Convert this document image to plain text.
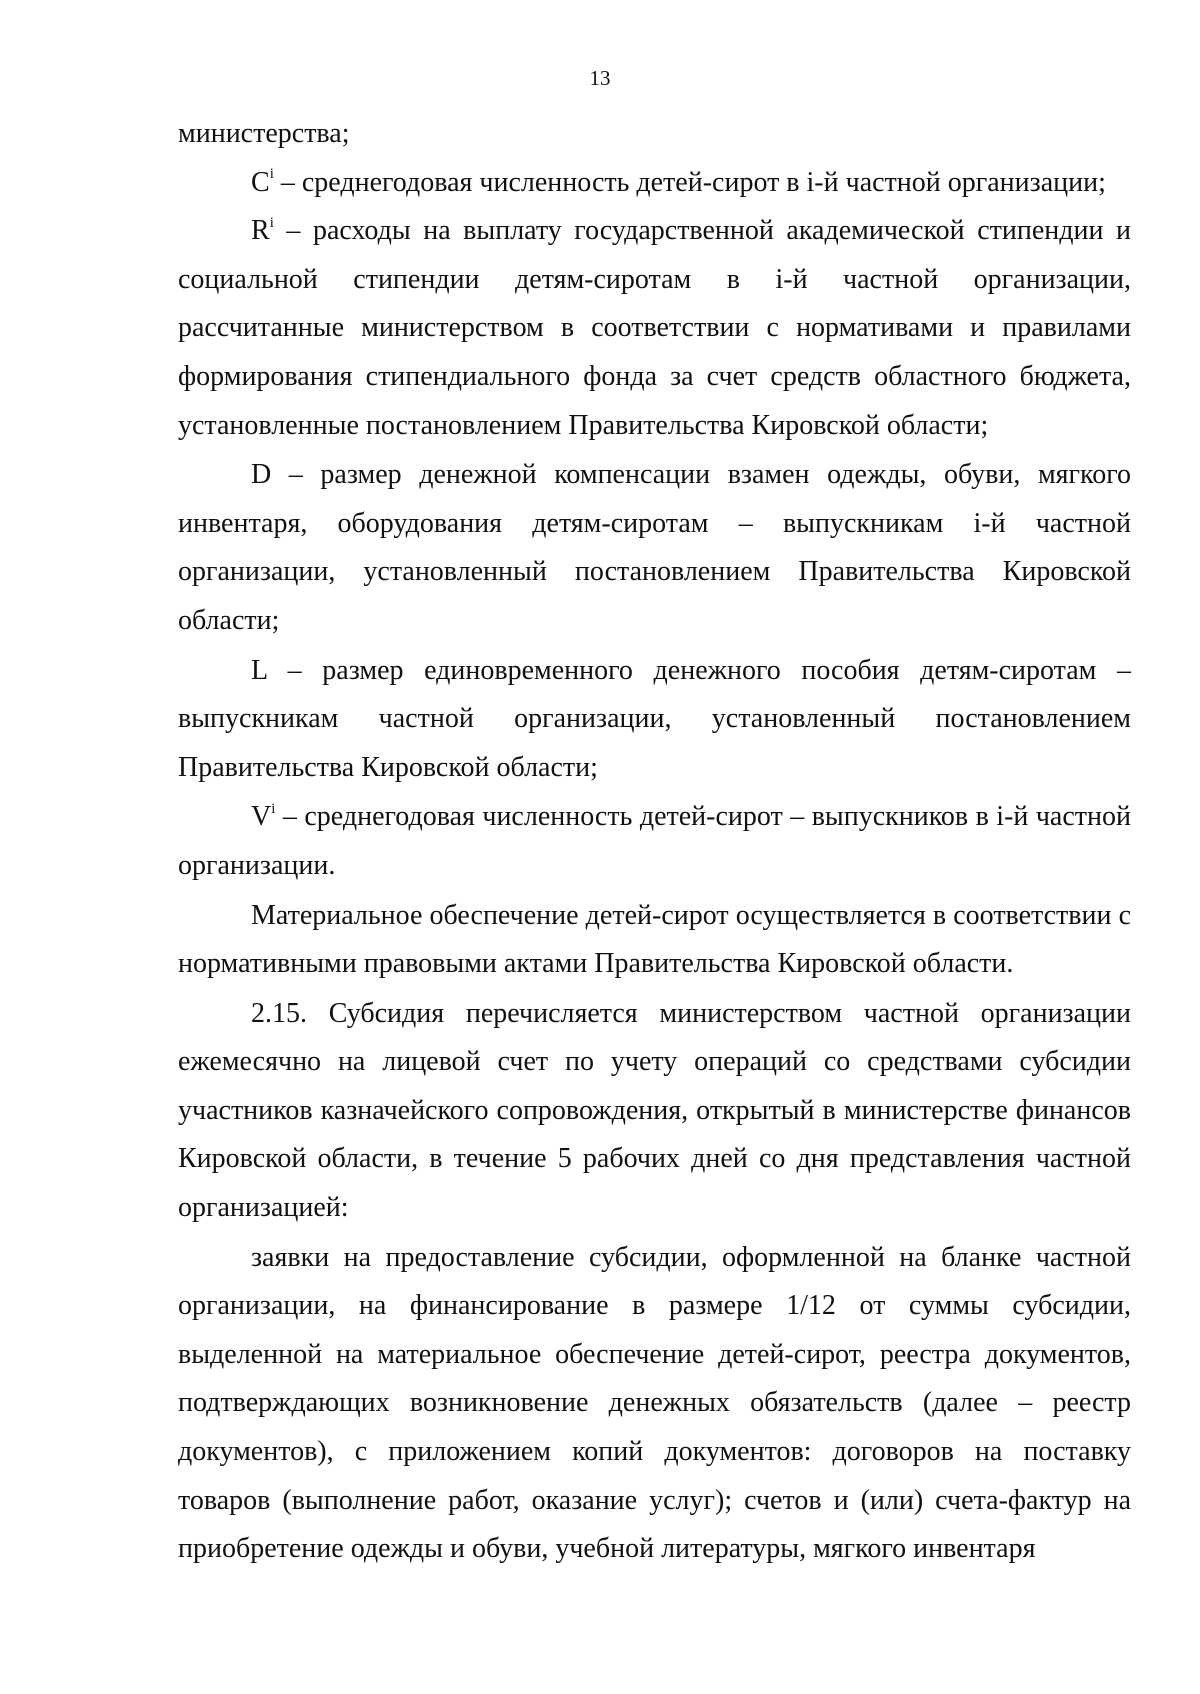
13

министерства;

$C^i$ – среднегодовая численность детей-сирот в i-й частной организации;

$R^i$ – расходы на выплату государственной академической стипендии и социальной стипендии детям-сиротам в i-й частной организации, рассчитанные министерством в соответствии с нормативами и правилами формирования стипендиального фонда за счет средств областного бюджета, установленные постановлением Правительства Кировской области;

D – размер денежной компенсации взамен одежды, обуви, мягкого инвентаря, оборудования детям-сиротам – выпускникам i-й частной организации, установленный постановлением Правительства Кировской области;

L – размер единовременного денежного пособия детям-сиротам – выпускникам частной организации, установленный постановлением Правительства Кировской области;

$V^i$ – среднегодовая численность детей-сирот – выпускников в i-й частной организации.

Материальное обеспечение детей-сирот осуществляется в соответствии с нормативными правовыми актами Правительства Кировской области.

2.15. Субсидия перечисляется министерством частной организации ежемесячно на лицевой счет по учету операций со средствами субсидии участников казначейского сопровождения, открытый в министерстве финансов Кировской области, в течение 5 рабочих дней со дня представления частной организацией:

заявки на предоставление субсидии, оформленной на бланке частной организации, на финансирование в размере 1/12 от суммы субсидии, выделенной на материальное обеспечение детей-сирот, реестра документов, подтверждающих возникновение денежных обязательств (далее – реестр документов), с приложением копий документов: договоров на поставку товаров (выполнение работ, оказание услуг); счетов и (или) счета-фактур на приобретение одежды и обуви, учебной литературы, мягкого инвентаря
